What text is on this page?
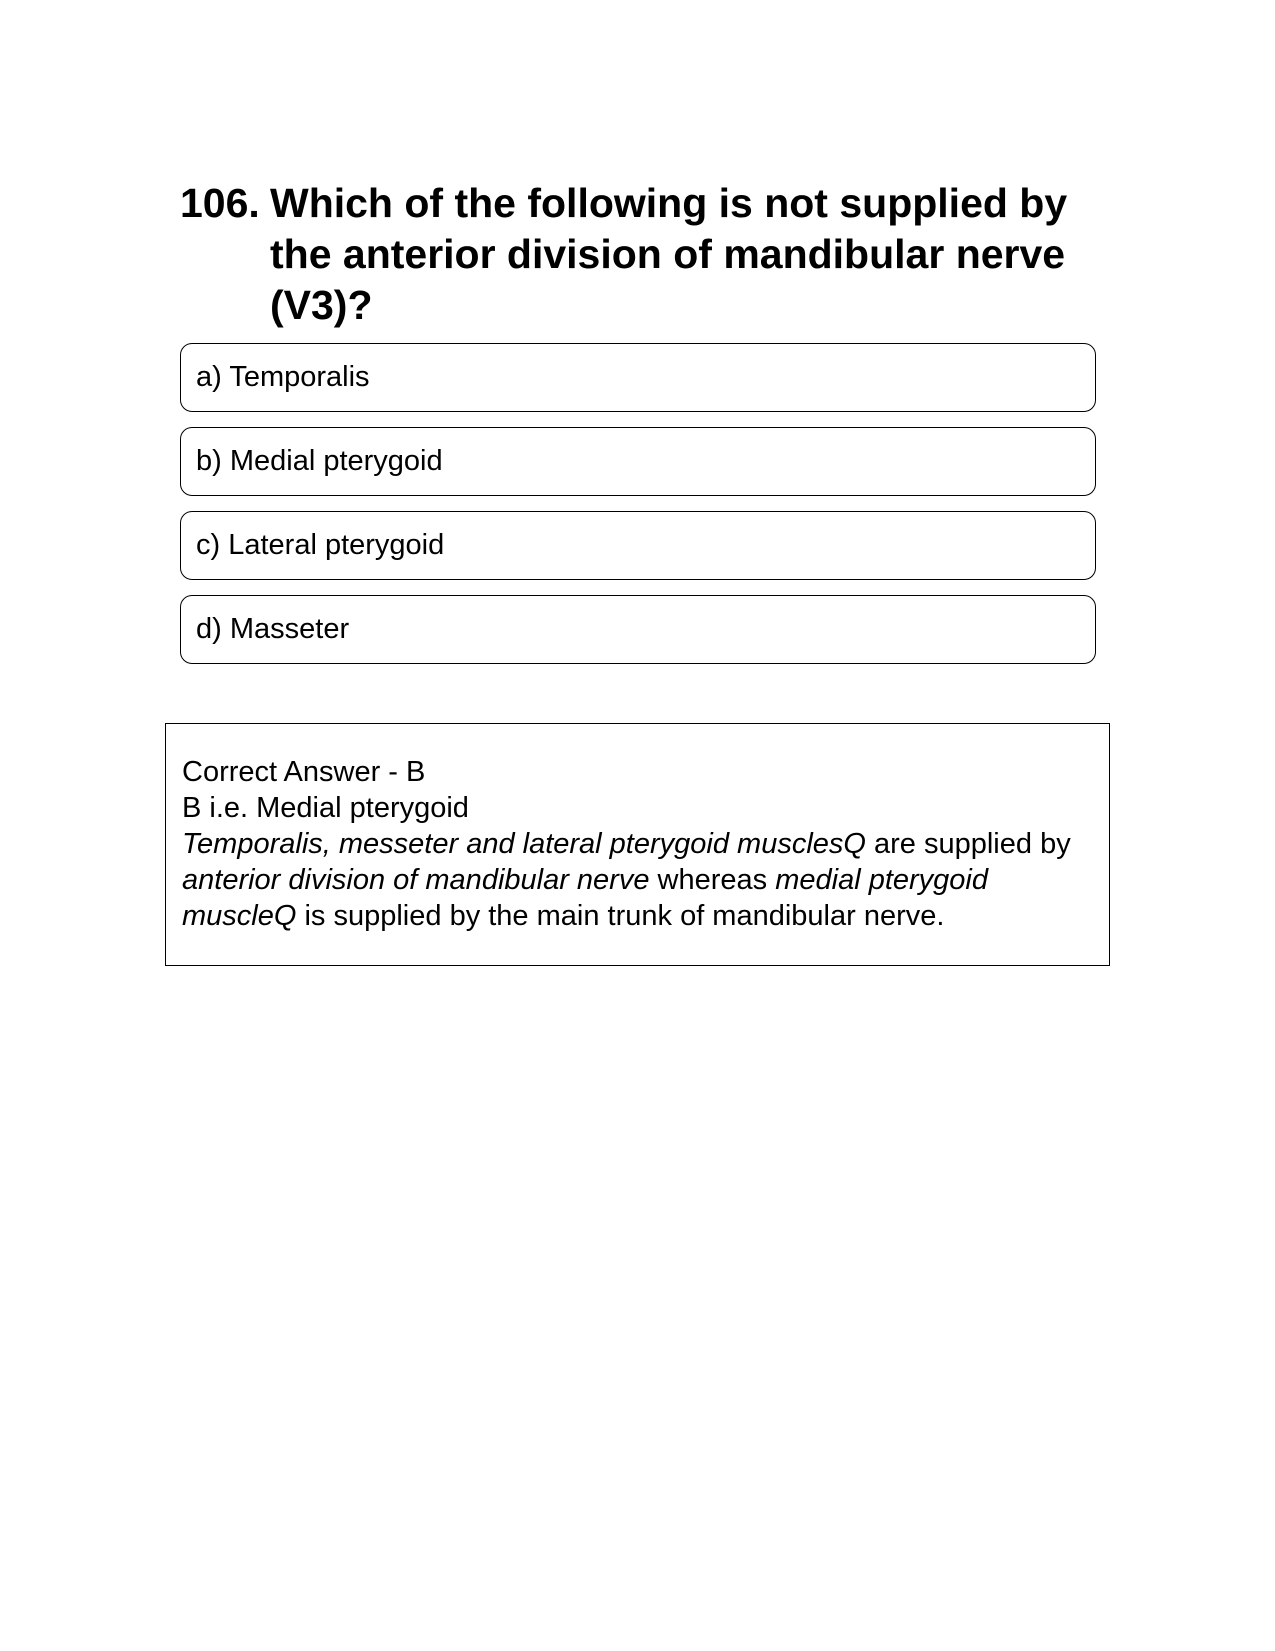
106. Which of the following is not supplied by the anterior division of mandibular nerve (V3)?
a) Temporalis
b) Medial pterygoid
c) Lateral pterygoid
d) Masseter
Correct Answer - B
B i.e. Medial pterygoid
Temporalis, messeter and lateral pterygoid musclesQ are supplied by anterior division of mandibular nerve whereas medial pterygoid muscleQ is supplied by the main trunk of mandibular nerve.
